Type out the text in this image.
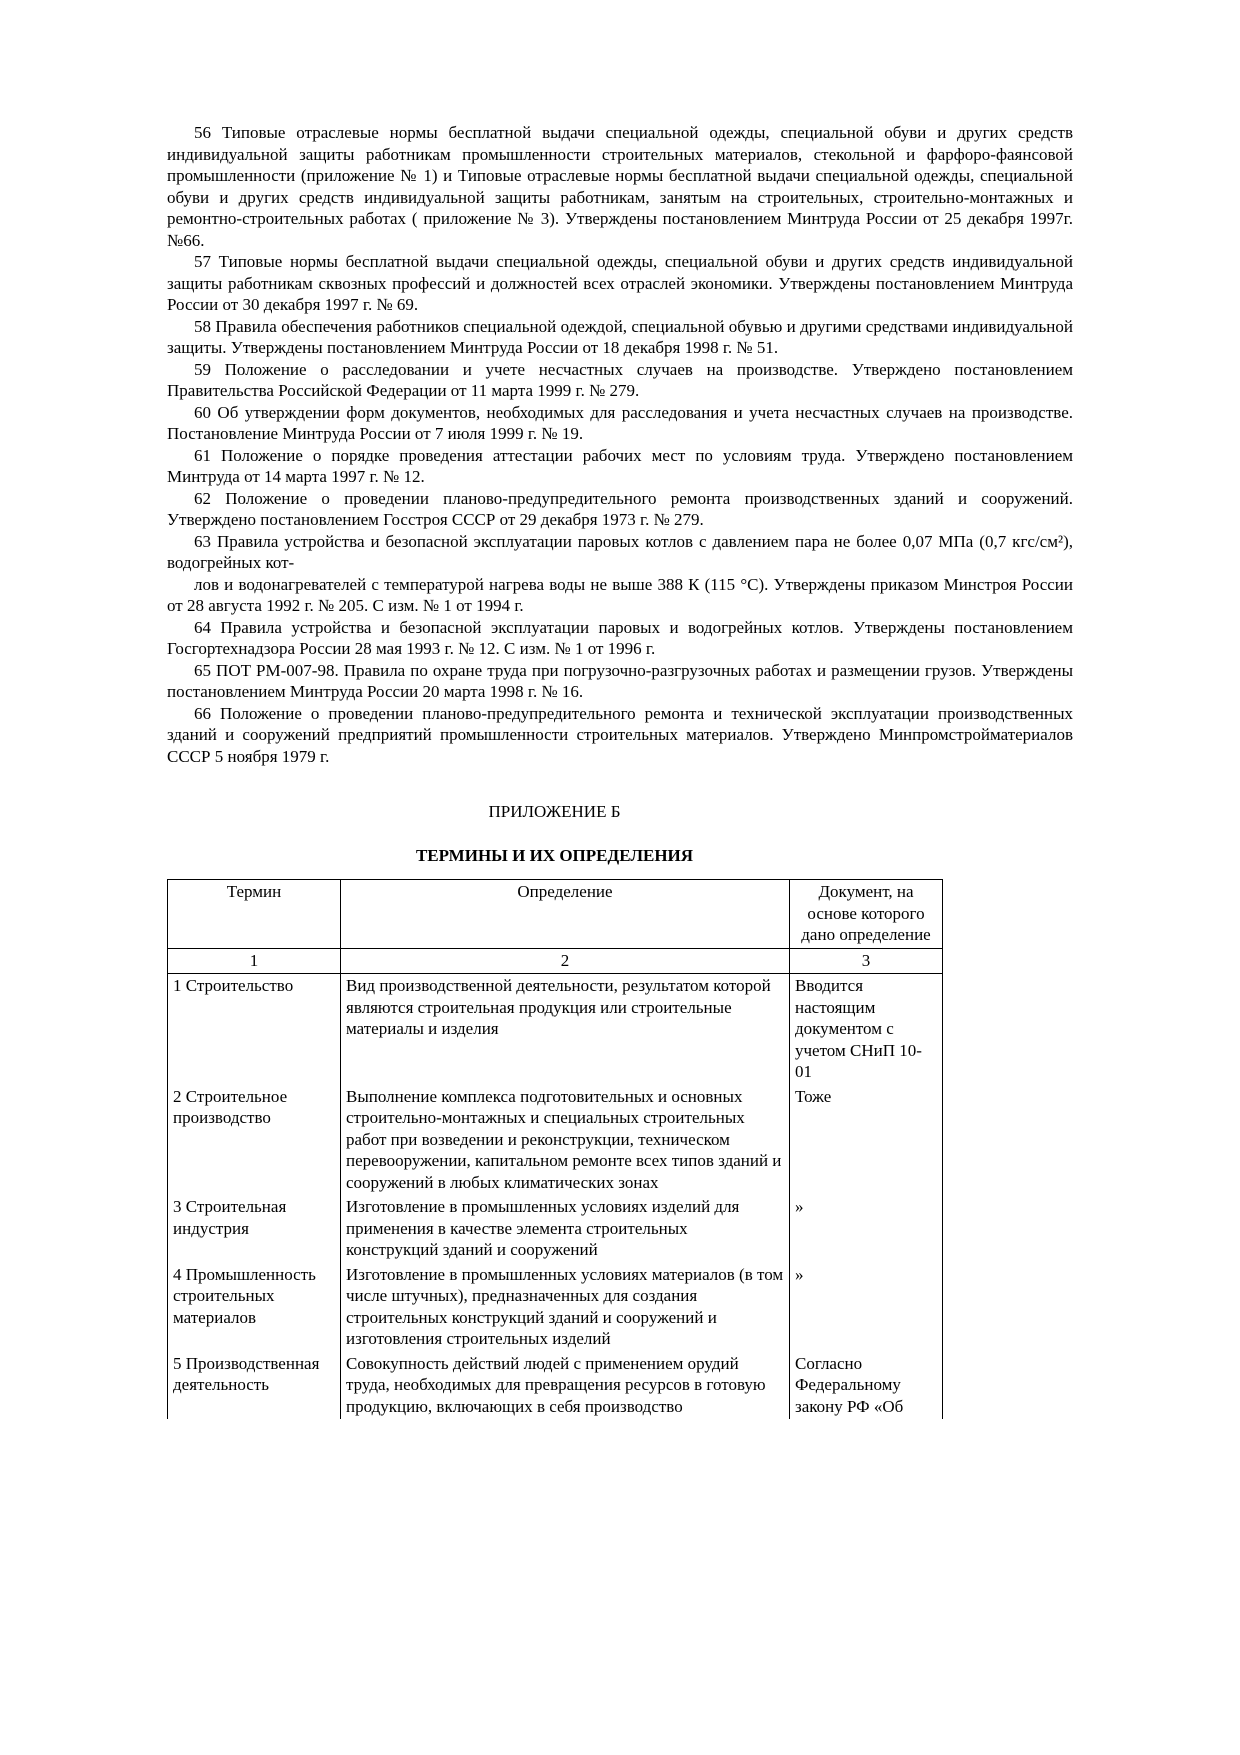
56 Типовые отраслевые нормы бесплатной выдачи специальной одежды, специальной обуви и других средств индивидуальной защиты работникам промышленности строительных материалов, стекольной и фарфоро-фаянсовой промышленности (приложение № 1) и Типовые отраслевые нормы бесплатной выдачи специальной одежды, специальной обуви и других средств индивидуальной защиты работникам, занятым на строительных, строительно-монтажных и ремонтно-строительных работах ( приложение № 3). Утверждены постановлением Минтруда России от 25 декабря 1997г. №66.

57 Типовые нормы бесплатной выдачи специальной одежды, специальной обуви и других средств индивидуальной защиты работникам сквозных профессий и должностей всех отраслей экономики. Утверждены постановлением Минтруда России от 30 декабря 1997 г. № 69.

58 Правила обеспечения работников специальной одеждой, специальной обувью и другими средствами индивидуальной защиты. Утверждены постановлением Минтруда России от 18 декабря 1998 г. № 51.

59 Положение о расследовании и учете несчастных случаев на производстве. Утверждено постановлением Правительства Российской Федерации от 11 марта 1999 г. № 279.

60 Об утверждении форм документов, необходимых для расследования и учета несчастных случаев на производстве. Постановление Минтруда России от 7 июля 1999 г. № 19.

61 Положение о порядке проведения аттестации рабочих мест по условиям труда. Утверждено постановлением Минтруда от 14 марта 1997 г. № 12.

62 Положение о проведении планово-предупредительного ремонта производственных зданий и сооружений. Утверждено постановлением Госстроя СССР от 29 декабря 1973 г. № 279.

63 Правила устройства и безопасной эксплуатации паровых котлов с давлением пара не более 0,07 МПа (0,7 кгс/см²), водогрейных кот-

лов и водонагревателей с температурой нагрева воды не выше 388 К (115 °С). Утверждены приказом Минстроя России от 28 августа 1992 г. № 205. С изм. № 1 от 1994 г.

64 Правила устройства и безопасной эксплуатации паровых и водогрейных котлов. Утверждены постановлением Госгортехнадзора России 28 мая 1993 г. № 12. С изм. № 1 от 1996 г.

65 ПОТ РМ-007-98. Правила по охране труда при погрузочно-разгрузочных работах и размещении грузов. Утверждены постановлением Минтруда России 20 марта 1998 г. № 16.

66 Положение о проведении планово-предупредительного ремонта и технической эксплуатации производственных зданий и сооружений предприятий промышленности строительных материалов. Утверждено Минпромстройматериалов СССР 5 ноября 1979 г.

ПРИЛОЖЕНИЕ Б
ТЕРМИНЫ И ИХ ОПРЕДЕЛЕНИЯ
Термин	Определение	Документ, на основе которого дано определение
1	2	3
1 Строительство	Вид производственной деятельности, результатом которой являются строительная продукция или строительные материалы и изделия	Вводится настоящим документом с учетом СНиП 10-01
2 Строительное производство	Выполнение комплекса подготовительных и основных строительно-монтажных и специальных строительных работ при возведении и реконструкции, техническом перевооружении, капитальном ремонте всех типов зданий и сооружений в любых климатических зонах	Тоже
3 Строительная индустрия	Изготовление в промышленных условиях изделий для применения в качестве элемента строительных конструкций зданий и сооружений	»
4 Промышленность строительных материалов	Изготовление в промышленных условиях материалов (в том числе штучных), предназначенных для создания строительных конструкций зданий и сооружений и изготовления строительных изделий	»
5 Производственная деятельность	Совокупность действий людей с применением орудий труда, необходимых для превращения ресурсов в готовую продукцию, включающих в себя производство	Согласно Федеральному закону РФ «Об
